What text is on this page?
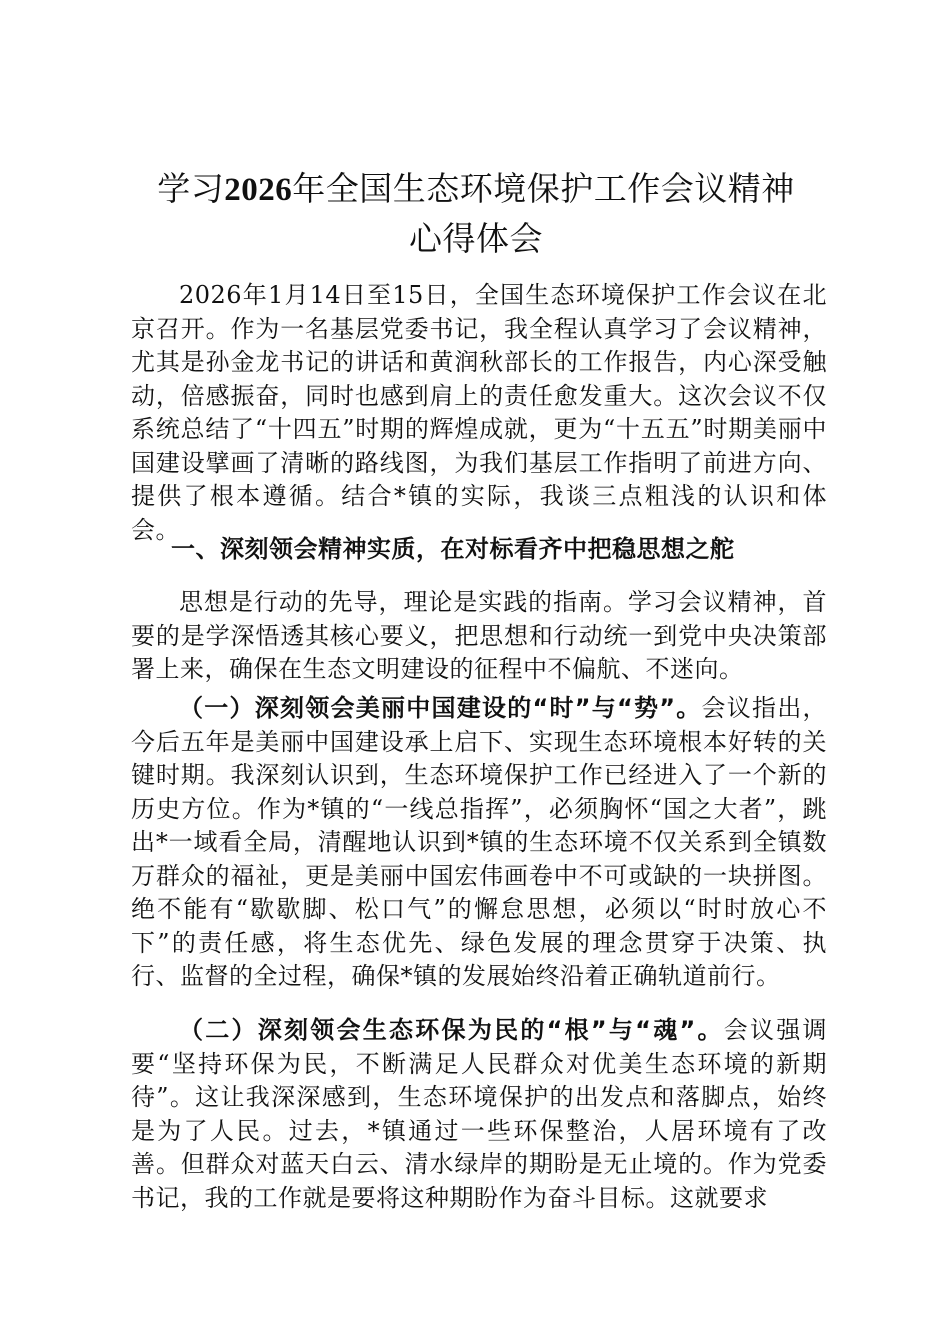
学习2026年全国生态环境保护工作会议精神
心得体会

2026年1月14日至15日，全国生态环境保护工作会议在北京召开。作为一名基层党委书记，我全程认真学习了会议精神，尤其是孙金龙书记的讲话和黄润秋部长的工作报告，内心深受触动，倍感振奋，同时也感到肩上的责任愈发重大。这次会议不仅系统总结了“十四五”时期的辉煌成就，更为“十五五”时期美丽中国建设擘画了清晰的路线图，为我们基层工作指明了前进方向、提供了根本遵循。结合*镇的实际，我谈三点粗浅的认识和体会。

一、深刻领会精神实质，在对标看齐中把稳思想之舵

思想是行动的先导，理论是实践的指南。学习会议精神，首要的是学深悟透其核心要义，把思想和行动统一到党中央决策部署上来，确保在生态文明建设的征程中不偏航、不迷向。

（一）深刻领会美丽中国建设的“时”与“势”。会议指出，今后五年是美丽中国建设承上启下、实现生态环境根本好转的关键时期。我深刻认识到，生态环境保护工作已经进入了一个新的历史方位。作为*镇的“一线总指挥”，必须胸怀“国之大者”，跳出*一域看全局，清醒地认识到*镇的生态环境不仅关系到全镇数万群众的福祉，更是美丽中国宏伟画卷中不可或缺的一块拼图。绝不能有“歇歇脚、松口气”的懈怠思想，必须以“时时放心不下”的责任感，将生态优先、绿色发展的理念贯穿于决策、执行、监督的全过程，确保*镇的发展始终沿着正确轨道前行。

（二）深刻领会生态环保为民的“根”与“魂”。会议强调要“坚持环保为民，不断满足人民群众对优美生态环境的新期待”。这让我深深感到，生态环境保护的出发点和落脚点，始终是为了人民。过去，*镇通过一些环保整治，人居环境有了改善。但群众对蓝天白云、清水绿岸的期盼是无止境的。作为党委书记，我的工作就是要将这种期盼作为奋斗目标。这就要求
